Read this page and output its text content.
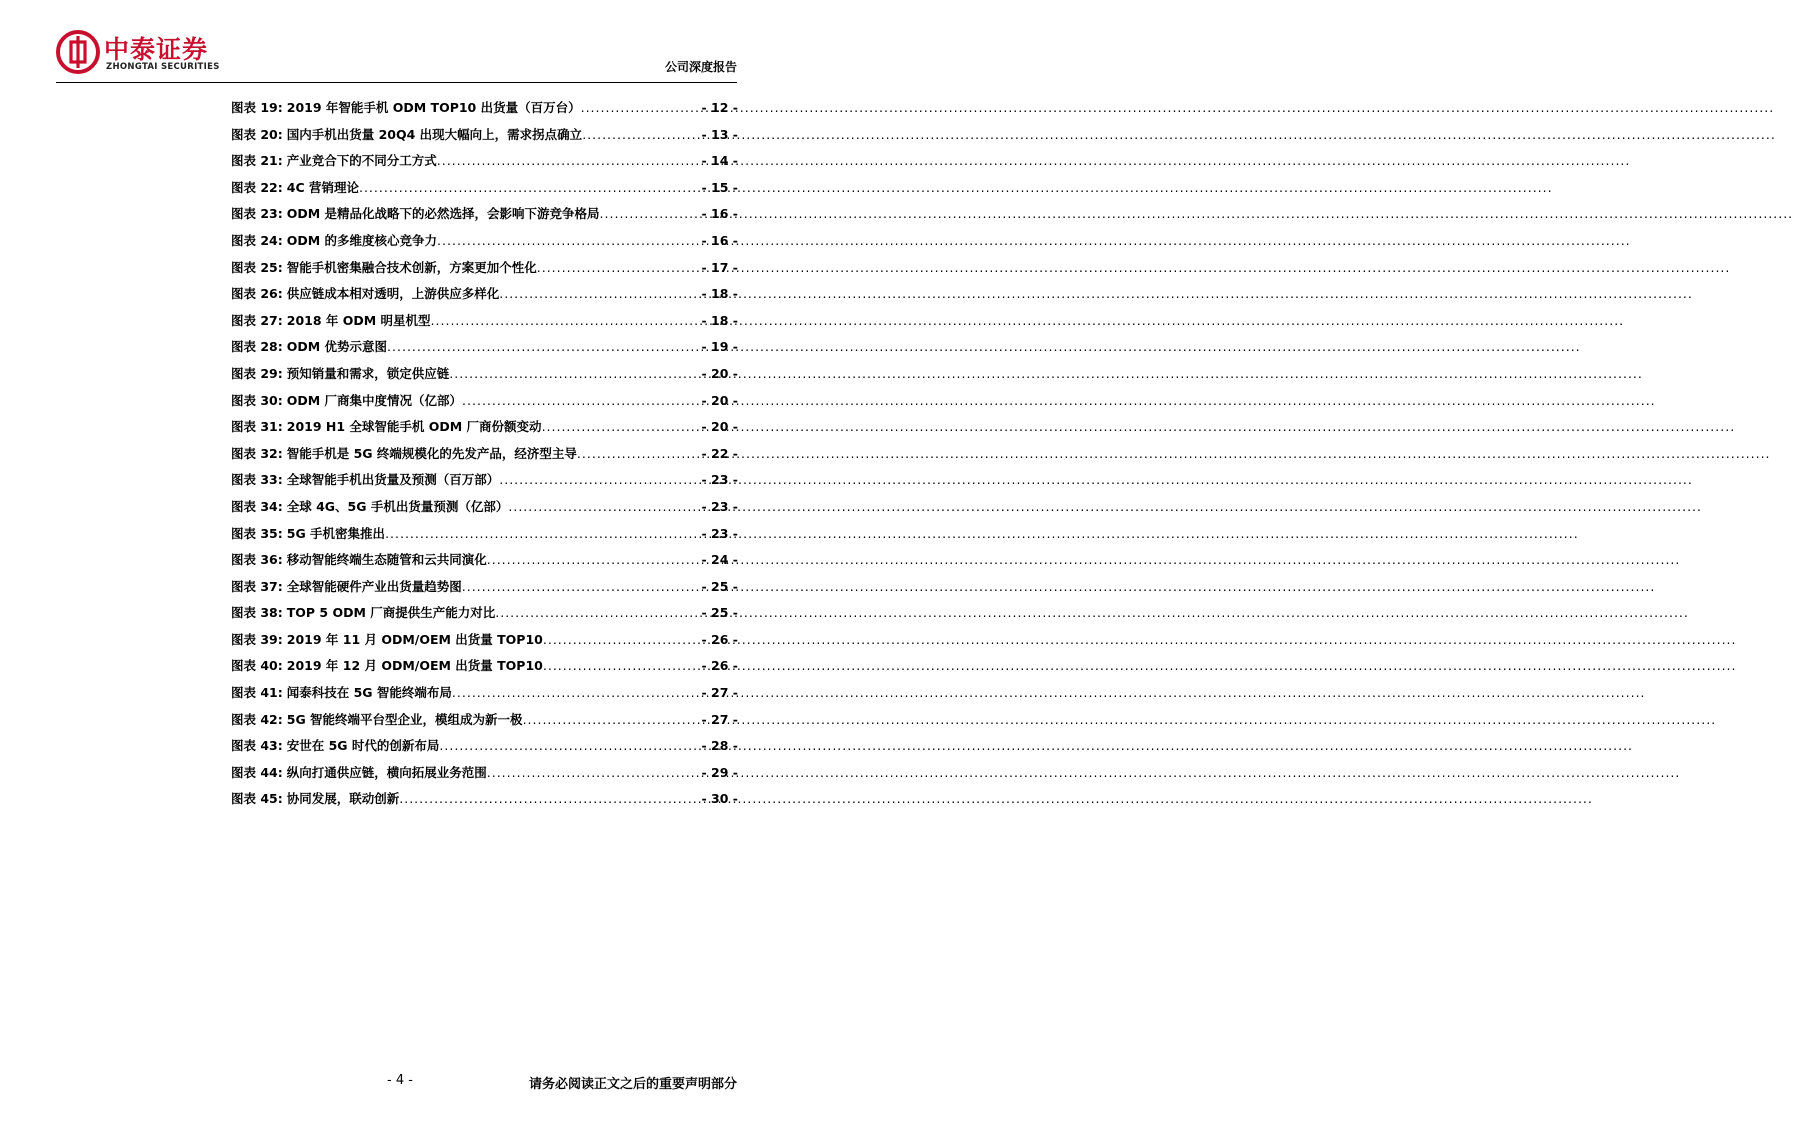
中泰证券
ZHONGTAI SECURITIES	公司深度报告
图表 19: 2019 年智能手机 ODM TOP10 出货量（百万台） .....	- 12 -
图表 20: 国内手机出货量 20Q4 出现大幅向上，需求拐点确立 .....	- 13 -
图表 21: 产业竞合下的不同分工方式 .....	- 14 -
图表 22: 4C 营销理论 .....	- 15 -
图表 23: ODM 是精品化战略下的必然选择，会影响下游竞争格局 .....	- 16 -
图表 24: ODM 的多维度核心竞争力 .....	- 16 -
图表 25: 智能手机密集融合技术创新，方案更加个性化 .....	- 17 -
图表 26: 供应链成本相对透明，上游供应多样化 .....	- 18 -
图表 27: 2018 年 ODM 明星机型 .....	- 18 -
图表 28: ODM 优势示意图 .....	- 19 -
图表 29: 预知销量和需求，锁定供应链 .....	- 20 -
图表 30: ODM 厂商集中度情况（亿部） .....	- 20 -
图表 31: 2019 H1 全球智能手机 ODM 厂商份额变动 .....	- 20 -
图表 32: 智能手机是 5G 终端规模化的先发产品，经济型主导 .....	- 22 -
图表 33: 全球智能手机出货量及预测（百万部） .....	- 23 -
图表 34: 全球 4G、5G 手机出货量预测（亿部） .....	- 23 -
图表 35: 5G 手机密集推出 .....	- 23 -
图表 36: 移动智能终端生态随管和云共同演化 .....	- 24 -
图表 37: 全球智能硬件产业出货量趋势图 .....	- 25 -
图表 38: TOP 5 ODM 厂商提供生产能力对比 .....	- 25 -
图表 39: 2019 年 11 月 ODM/OEM 出货量 TOP10 .....	- 26 -
图表 40: 2019 年 12 月 ODM/OEM 出货量 TOP10 .....	- 26 -
图表 41: 闻泰科技在 5G 智能终端布局 .....	- 27 -
图表 42: 5G 智能终端平台型企业，模组成为新一极 .....	- 27 -
图表 43: 安世在 5G 时代的创新布局 .....	- 28 -
图表 44: 纵向打通供应链，横向拓展业务范围 .....	- 29 -
图表 45: 协同发展，联动创新 .....	- 30 -
- 4 -	请务必阅读正文之后的重要声明部分
